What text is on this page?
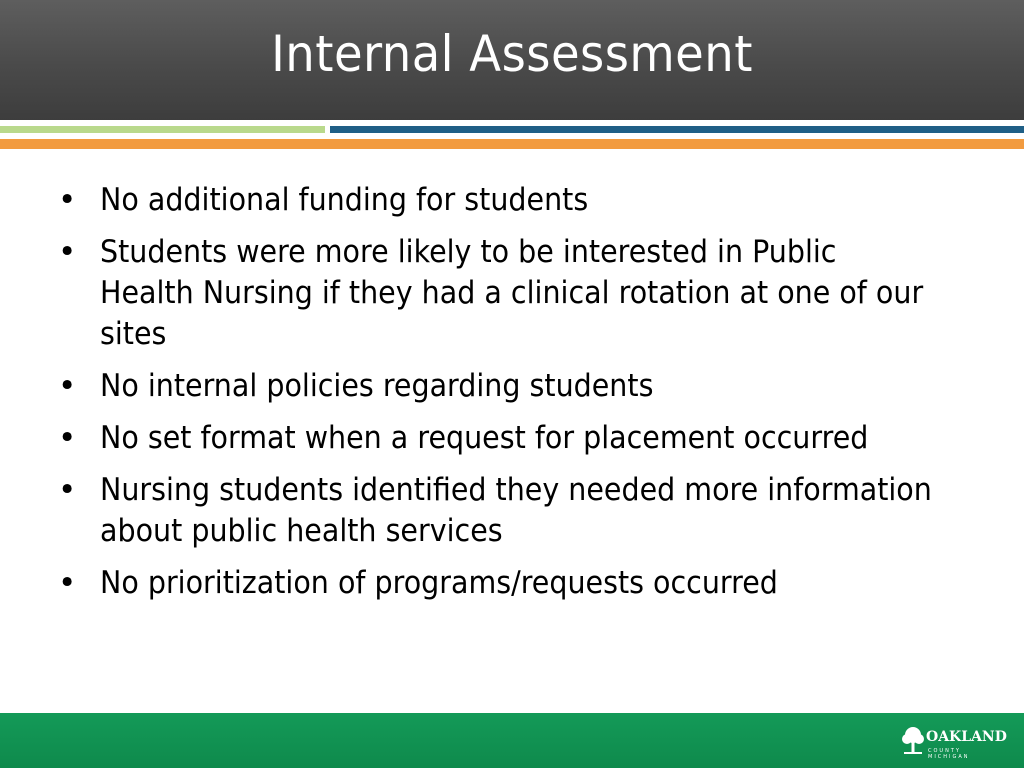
Internal Assessment
• No additional funding for students
• Students were more likely to be interested in Public Health Nursing if they had a clinical rotation at one of our sites
• No internal policies regarding students
• No set format when a request for placement occurred
• Nursing students identified they needed more information about public health services
• No prioritization of programs/requests occurred
OAKLAND
COUNTY MICHIGAN
